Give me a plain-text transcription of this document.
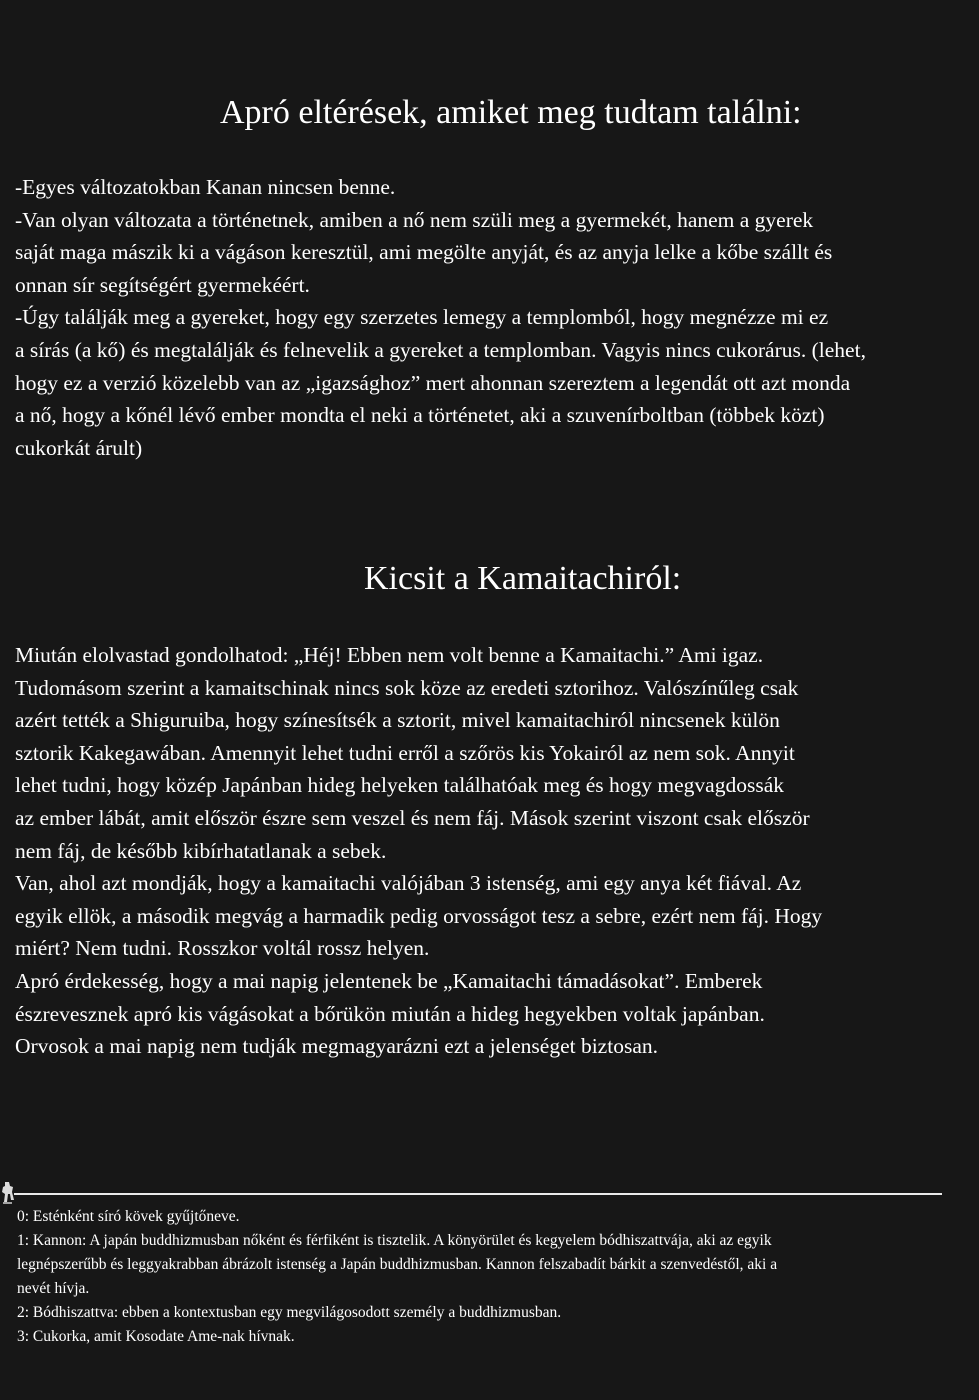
Apró eltérések, amiket meg tudtam találni:
-Egyes változatokban Kanan nincsen benne.
-Van olyan változata a történetnek, amiben a nő nem szüli meg a gyermekét, hanem a gyerek
saját maga mászik ki a vágáson keresztül, ami megölte anyját, és az anyja lelke a kőbe szállt és
onnan sír segítségért gyermekéért.
-Úgy találják meg a gyereket, hogy egy szerzetes lemegy a templomból, hogy megnézze mi ez
a sírás (a kő) és megtalálják és felnevelik a gyereket a templomban. Vagyis nincs cukorárus. (lehet,
hogy ez a verzió közelebb van az „igazsághoz” mert ahonnan szereztem a legendát ott azt monda
a nő, hogy a kőnél lévő ember mondta el neki a történetet, aki a szuvenírboltban (többek közt)
cukorkát árult)
Kicsit a Kamaitachiról:
Miután elolvastad gondolhatod: „Héj! Ebben nem volt benne a Kamaitachi.” Ami igaz.
Tudomásom szerint a kamaitschinak nincs sok köze az eredeti sztorihoz. Valószínűleg csak
azért tették a Shiguruiba, hogy színesítsék a sztorit, mivel kamaitachiról nincsenek külön
sztorik Kakegawában. Amennyit lehet tudni erről a szőrös kis Yokairól az nem sok. Annyit
lehet tudni, hogy közép Japánban hideg helyeken találhatóak meg és hogy megvagdossák
az ember lábát, amit először észre sem veszel és nem fáj. Mások szerint viszont csak először
nem fáj, de később kibírhatatlanak a sebek.
Van, ahol azt mondják, hogy a kamaitachi valójában 3 istenség, ami egy anya két fiával. Az
egyik ellök, a második megvág a harmadik pedig orvosságot tesz a sebre, ezért nem fáj. Hogy
miért? Nem tudni. Rosszkor voltál rossz helyen.
Apró érdekesség, hogy a mai napig jelentenek be „Kamaitachi támadásokat”. Emberek
észrevesznek apró kis vágásokat a bőrükön miután a hideg hegyekben voltak japánban.
Orvosok a mai napig nem tudják megmagyarázni ezt a jelenséget biztosan.
0: Esténként síró kövek gyűjtőneve.
1: Kannon: A japán buddhizmusban nőként és férfiként is tisztelik. A könyörület és kegyelem bódhiszattvája, aki az egyik
legnépszerűbb és leggyakrabban ábrázolt istenség a Japán buddhizmusban. Kannon felszabadít bárkit a szenvedéstől, aki a
nevét hívja.
2: Bódhiszattva: ebben a kontextusban egy megvilágosodott személy a buddhizmusban.
3: Cukorka, amit Kosodate Ame-nak hívnak.
